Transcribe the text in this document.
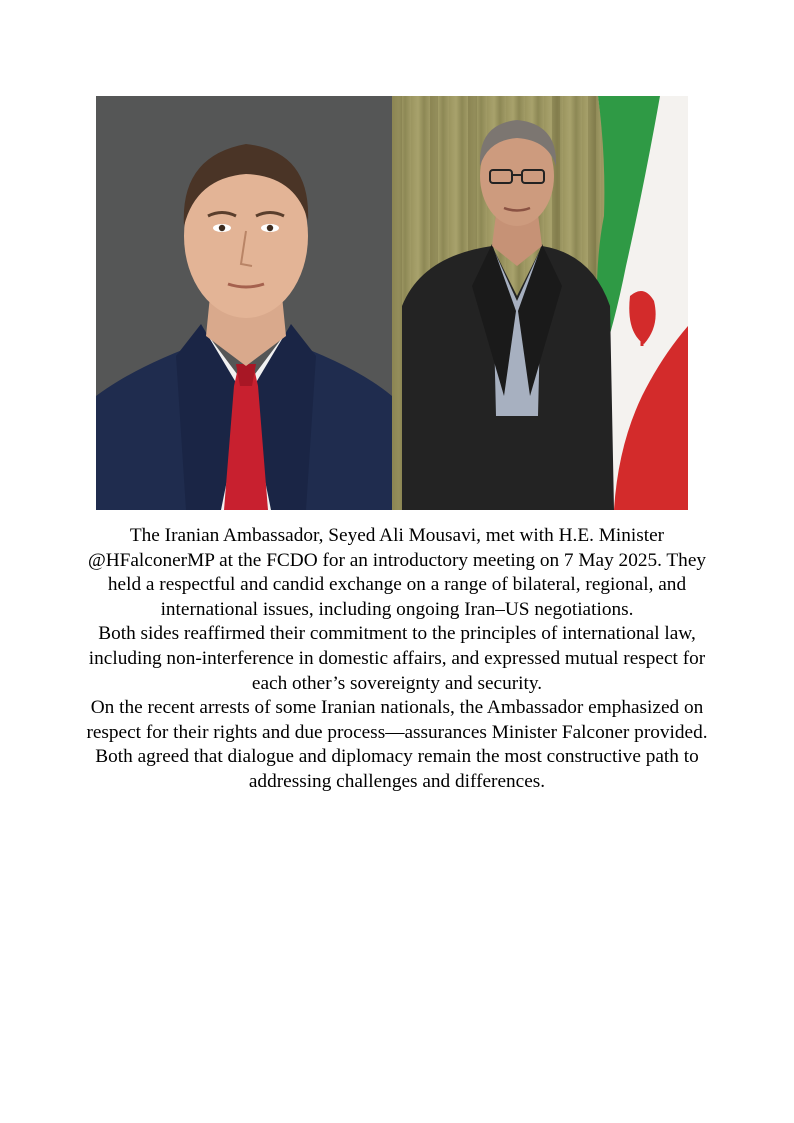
The Iranian Ambassador, Seyed Ali Mousavi, met with H.E. Minister @HFalconerMP at the FCDO for an introductory meeting on 7 May 2025. They held a respectful and candid exchange on a range of bilateral, regional, and international issues, including ongoing Iran–US negotiations.

Both sides reaffirmed their commitment to the principles of international law, including non-interference in domestic affairs, and expressed mutual respect for each other’s sovereignty and security.

On the recent arrests of some Iranian nationals, the Ambassador emphasized on respect for their rights and due process—assurances Minister Falconer provided.

Both agreed that dialogue and diplomacy remain the most constructive path to addressing challenges and differences.
